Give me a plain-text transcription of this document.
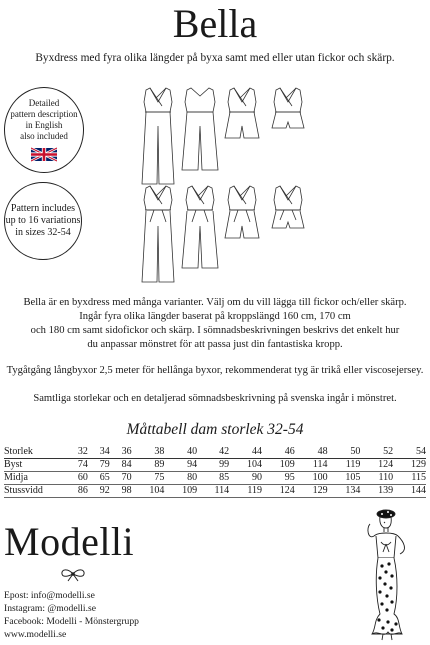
Bella
Byxdress med fyra olika längder på byxa samt med eller utan fickor och skärp.
Detailed
pattern description
in English
also included
Pattern includes
up to 16 variations
in sizes 32-54
Bella är en byxdress med många varianter. Välj om du vill lägga till fickor och/eller skärp.
Ingår fyra olika längder baserat på kroppslängd 160 cm, 170 cm
och 180 cm samt sidofickor och skärp. I sömnadsbeskrivningen beskrivs det enkelt hur
du anpassar mönstret för att passa just din fantastiska kropp.
Tygåtgång långbyxor 2,5 meter för hellånga byxor, rekommenderat tyg är trikå eller viscosejersey.
Samtliga storlekar och en detaljerad sömnadsbeskrivning på svenska ingår i mönstret.
Måttabell dam storlek 32-54
Storlek	32	34	36	38	40	42	44	46	48	50	52	54
Byst	74	79	84	89	94	99	104	109	114	119	124	129
Midja	60	65	70	75	80	85	90	95	100	105	110	115
Stussvidd	86	92	98	104	109	114	119	124	129	134	139	144
Modelli
Epost: info@modelli.se
Instagram: @modelli.se
Facebook: Modelli - Mönstergrupp
www.modelli.se
